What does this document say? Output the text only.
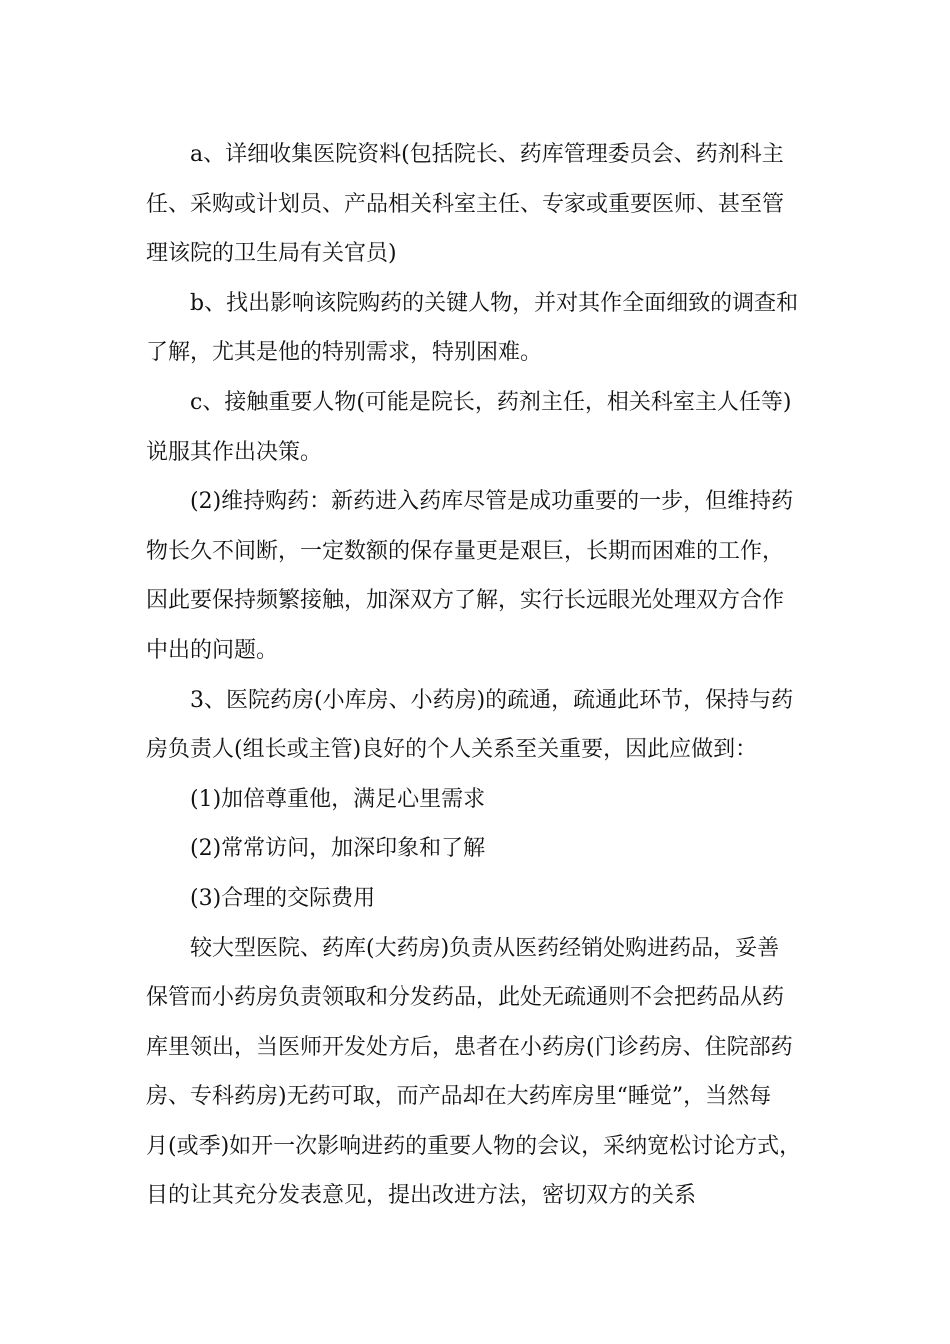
a、详细收集医院资料(包括院长、药库管理委员会、药剂科主
任、采购或计划员、产品相关科室主任、专家或重要医师、甚至管
理该院的卫生局有关官员)
b、找出影响该院购药的关键人物，并对其作全面细致的调查和
了解，尤其是他的特别需求，特别困难。
c、接触重要人物(可能是院长，药剂主任，相关科室主人任等)
说服其作出决策。
(2)维持购药：新药进入药库尽管是成功重要的一步，但维持药
物长久不间断，一定数额的保存量更是艰巨，长期而困难的工作，
因此要保持频繁接触，加深双方了解，实行长远眼光处理双方合作
中出的问题。
3、医院药房(小库房、小药房)的疏通，疏通此环节，保持与药
房负责人(组长或主管)良好的个人关系至关重要，因此应做到：
(1)加倍尊重他，满足心里需求
(2)常常访问，加深印象和了解
(3)合理的交际费用
较大型医院、药库(大药房)负责从医药经销处购进药品，妥善
保管而小药房负责领取和分发药品，此处无疏通则不会把药品从药
库里领出，当医师开发处方后，患者在小药房(门诊药房、住院部药
房、专科药房)无药可取，而产品却在大药库房里“睡觉”，当然每
月(或季)如开一次影响进药的重要人物的会议，采纳宽松讨论方式，
目的让其充分发表意见，提出改进方法，密切双方的关系
